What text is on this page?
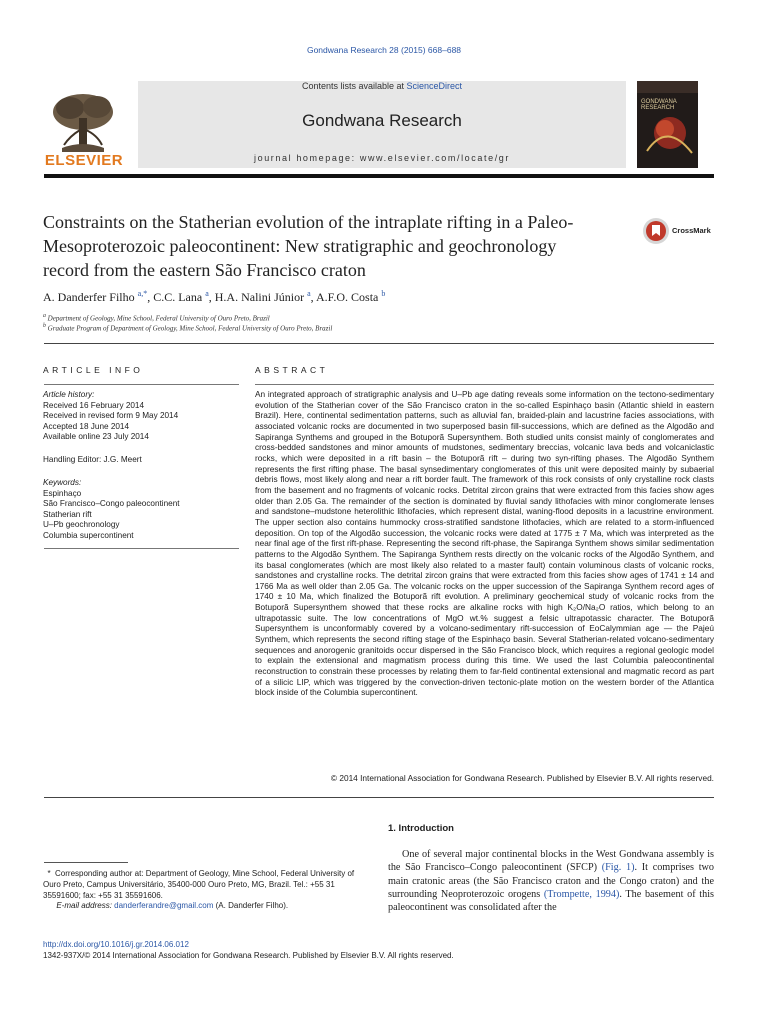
Gondwana Research 28 (2015) 668–688
ELSEVIER
Contents lists available at ScienceDirect
Gondwana Research
journal homepage: www.elsevier.com/locate/gr
GONDWANA RESEARCH
Constraints on the Statherian evolution of the intraplate rifting in a Paleo-Mesoproterozoic paleocontinent: New stratigraphic and geochronology record from the eastern São Francisco craton
CrossMark
A. Danderfer Filho $^{a,*}$, C.C. Lana $^a$, H.A. Nalini Júnior $^a$, A.F.O. Costa $^b$
$^a$ Department of Geology, Mine School, Federal University of Ouro Preto, Brazil
$^b$ Graduate Program of Department of Geology, Mine School, Federal University of Ouro Preto, Brazil
ARTICLE INFO	ABSTRACT
Article history:
Received 16 February 2014
Received in revised form 9 May 2014
Accepted 18 June 2014
Available online 23 July 2014
Handling Editor: J.G. Meert
Keywords:
Espinhaço
São Francisco–Congo paleocontinent
Statherian rift
U–Pb geochronology
Columbia supercontinent
An integrated approach of stratigraphic analysis and U–Pb age dating reveals some information on the tectono-sedimentary evolution of the Statherian cover of the São Francisco craton in the so-called Espinhaço basin (Atlantic shield in eastern Brazil). Here, continental sedimentation patterns, such as alluvial fan, braided-plain and lacustrine facies associations, with associated volcanic rocks are documented in two superposed basin fill-successions, which are defined as the Algodão and Sapiranga Synthems and grouped in the Botuporã Supersynthem. Both studied units consist mainly of conglomerates and cross-bedded sandstones and minor amounts of mudstones, sedimentary breccias, volcanic lava beds and volcaniclastic rocks, which were deposited in a rift basin – the Botuporã rift – during two syn-rifting phases. The Algodão Synthem represents the first rifting phase. The basal synsedimentary conglomerates of this unit were deposited mainly by subaerial debris flows, most likely along and near a rift border fault. The framework of this rock consists of only crystalline rock clasts from the basement and no fragments of volcanic rocks. Detrital zircon grains that were extracted from this facies show ages older than 2.05 Ga. The remainder of the section is dominated by fluvial sandy lithofacies with minor conglomerate lenses and sandstone–mudstone heterolithic lithofacies, which represent distal, waning-flood deposits in a lacustrine environment. The upper section also contains hummocky cross-stratified sandstone lithofacies, which are related to a storm-influenced deposition. On top of the Algodão succession, the volcanic rocks were dated at 1775 ± 7 Ma, which was interpreted as the near final age of the first rift-phase. Representing the second rift-phase, the Sapiranga Synthem shows similar sedimentation patterns to the Algodão Synthem. The Sapiranga Synthem rests directly on the volcanic rocks of the Algodão Synthem, and its basal conglomerates (which are most likely also related to a master fault) contain voluminous clasts of volcanic rocks, sandstones and crystalline rocks. The detrital zircon grains that were extracted from this facies show ages of 1741 ± 14 and 1766 Ma as well older than 2.05 Ga. The volcanic rocks on the upper succession of the Sapiranga Synthem record ages of 1740 ± 10 Ma, which finalized the Botuporã rift evolution. A preliminary geochemical study of volcanic rocks from the Botuporã Supersynthem showed that these rocks are alkaline rocks with high K₂O/Na₂O ratios, which belong to an ultrapotassic suite. The low concentrations of MgO wt.% suggest a felsic ultrapotassic character. The Botuporã Supersynthem is unconformably covered by a volcano-sedimentary rift-succession of EoCalymmian age — the Pajeú Synthem, which represents the second rifting stage of the Espinhaço basin. Several Statherian-related volcano-sedimentary sequences and anorogenic granitoids occur dispersed in the São Francisco block, which requires a regional geologic model to explain the extensional and magmatism process during this time. We used the last Columbia paleocontinental reconstruction to constrain these processes by relating them to far-field continental extensional and magmatic record as part of a silicic LIP, which was triggered by the convection-driven tectonic-plate motion on the western border of the Atlantica block inside of the Columbia supercontinent.
© 2014 International Association for Gondwana Research. Published by Elsevier B.V. All rights reserved.
1. Introduction
One of several major continental blocks in the West Gondwana assembly is the São Francisco–Congo paleocontinent (SFCP) (Fig. 1). It comprises two main cratonic areas (the São Francisco craton and the Congo craton) and the surrounding Neoproterozoic orogens (Trompette, 1994). The basement of this paleocontinent was consolidated after the
* Corresponding author at: Department of Geology, Mine School, Federal University of Ouro Preto, Campus Universitário, 35400-000 Ouro Preto, MG, Brazil. Tel.: +55 31 35591600; fax: +55 31 35591606.
E-mail address: danderferandre@gmail.com (A. Danderfer Filho).
http://dx.doi.org/10.1016/j.gr.2014.06.012
1342-937X/© 2014 International Association for Gondwana Research. Published by Elsevier B.V. All rights reserved.
